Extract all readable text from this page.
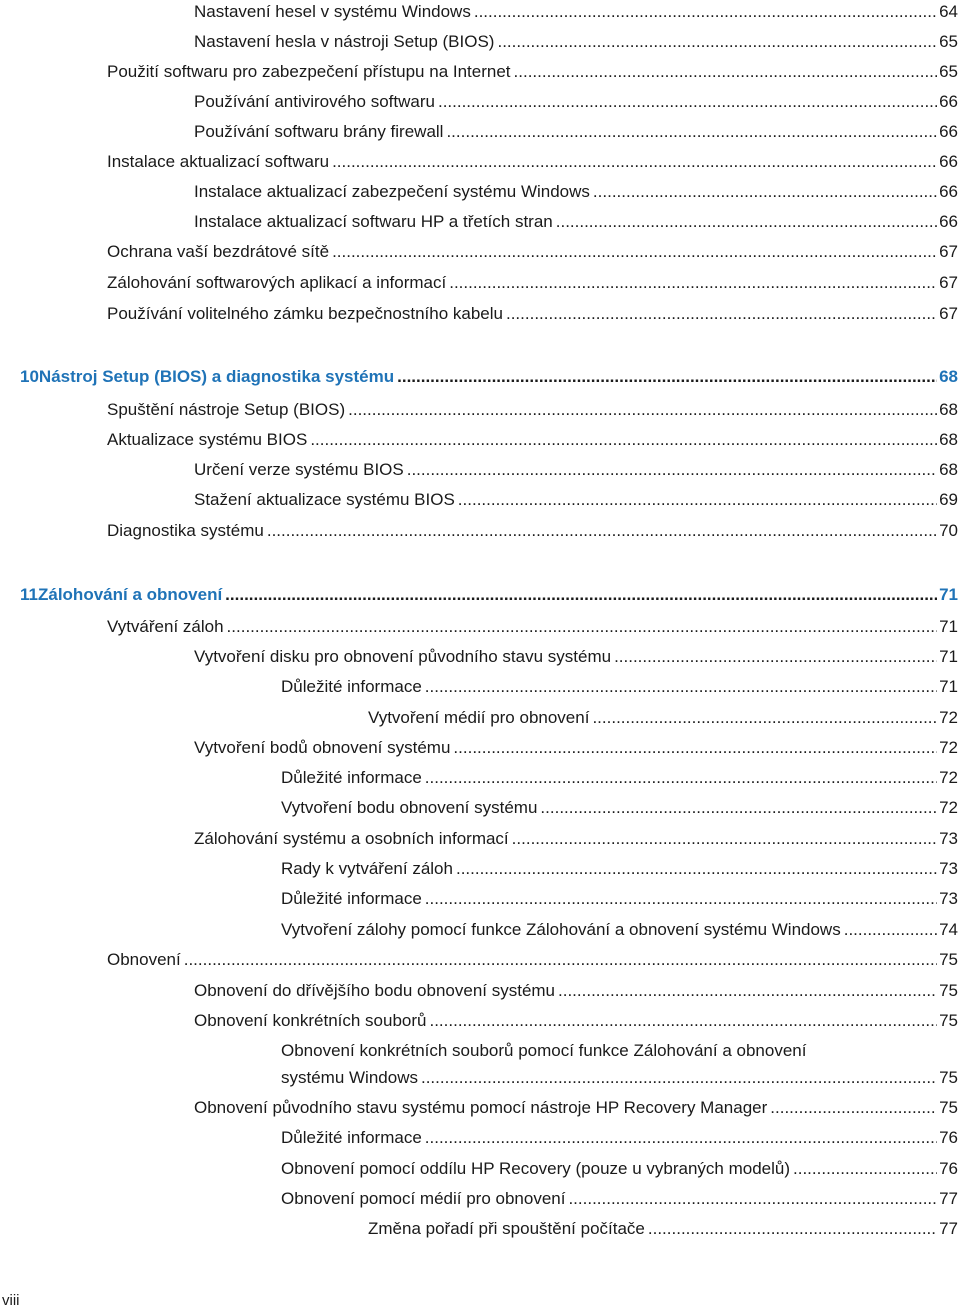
Nastavení hesel v systému Windows .....	64
Nastavení hesla v nástroji Setup (BIOS) .....	65
Použití softwaru pro zabezpečení přístupu na Internet .....	65
Používání antivirového softwaru .....	66
Používání softwaru brány firewall .....	66
Instalace aktualizací softwaru .....	66
Instalace aktualizací zabezpečení systému Windows .....	66
Instalace aktualizací softwaru HP a třetích stran .....	66
Ochrana vaší bezdrátové sítě .....	67
Zálohování softwarových aplikací a informací .....	67
Používání volitelného zámku bezpečnostního kabelu .....	67
10 Nástroj Setup (BIOS) a diagnostika systému .....	68
Spuštění nástroje Setup (BIOS) .....	68
Aktualizace systému BIOS .....	68
Určení verze systému BIOS .....	68
Stažení aktualizace systému BIOS .....	69
Diagnostika systému .....	70
11 Zálohování a obnovení .....	71
Vytváření záloh .....	71
Vytvoření disku pro obnovení původního stavu systému .....	71
Důležité informace .....	71
Vytvoření médií pro obnovení .....	72
Vytvoření bodů obnovení systému .....	72
Důležité informace .....	72
Vytvoření bodu obnovení systému .....	72
Zálohování systému a osobních informací .....	73
Rady k vytváření záloh .....	73
Důležité informace .....	73
Vytvoření zálohy pomocí funkce Zálohování a obnovení systému Windows .....	74
Obnovení .....	75
Obnovení do dřívějšího bodu obnovení systému .....	75
Obnovení konkrétních souborů .....	75
Obnovení konkrétních souborů pomocí funkce Zálohování a obnovení
systému Windows .....	75
Obnovení původního stavu systému pomocí nástroje HP Recovery Manager .....	75
Důležité informace .....	76
Obnovení pomocí oddílu HP Recovery (pouze u vybraných modelů) .....	76
Obnovení pomocí médií pro obnovení .....	77
Změna pořadí při spouštění počítače .....	77
viii
